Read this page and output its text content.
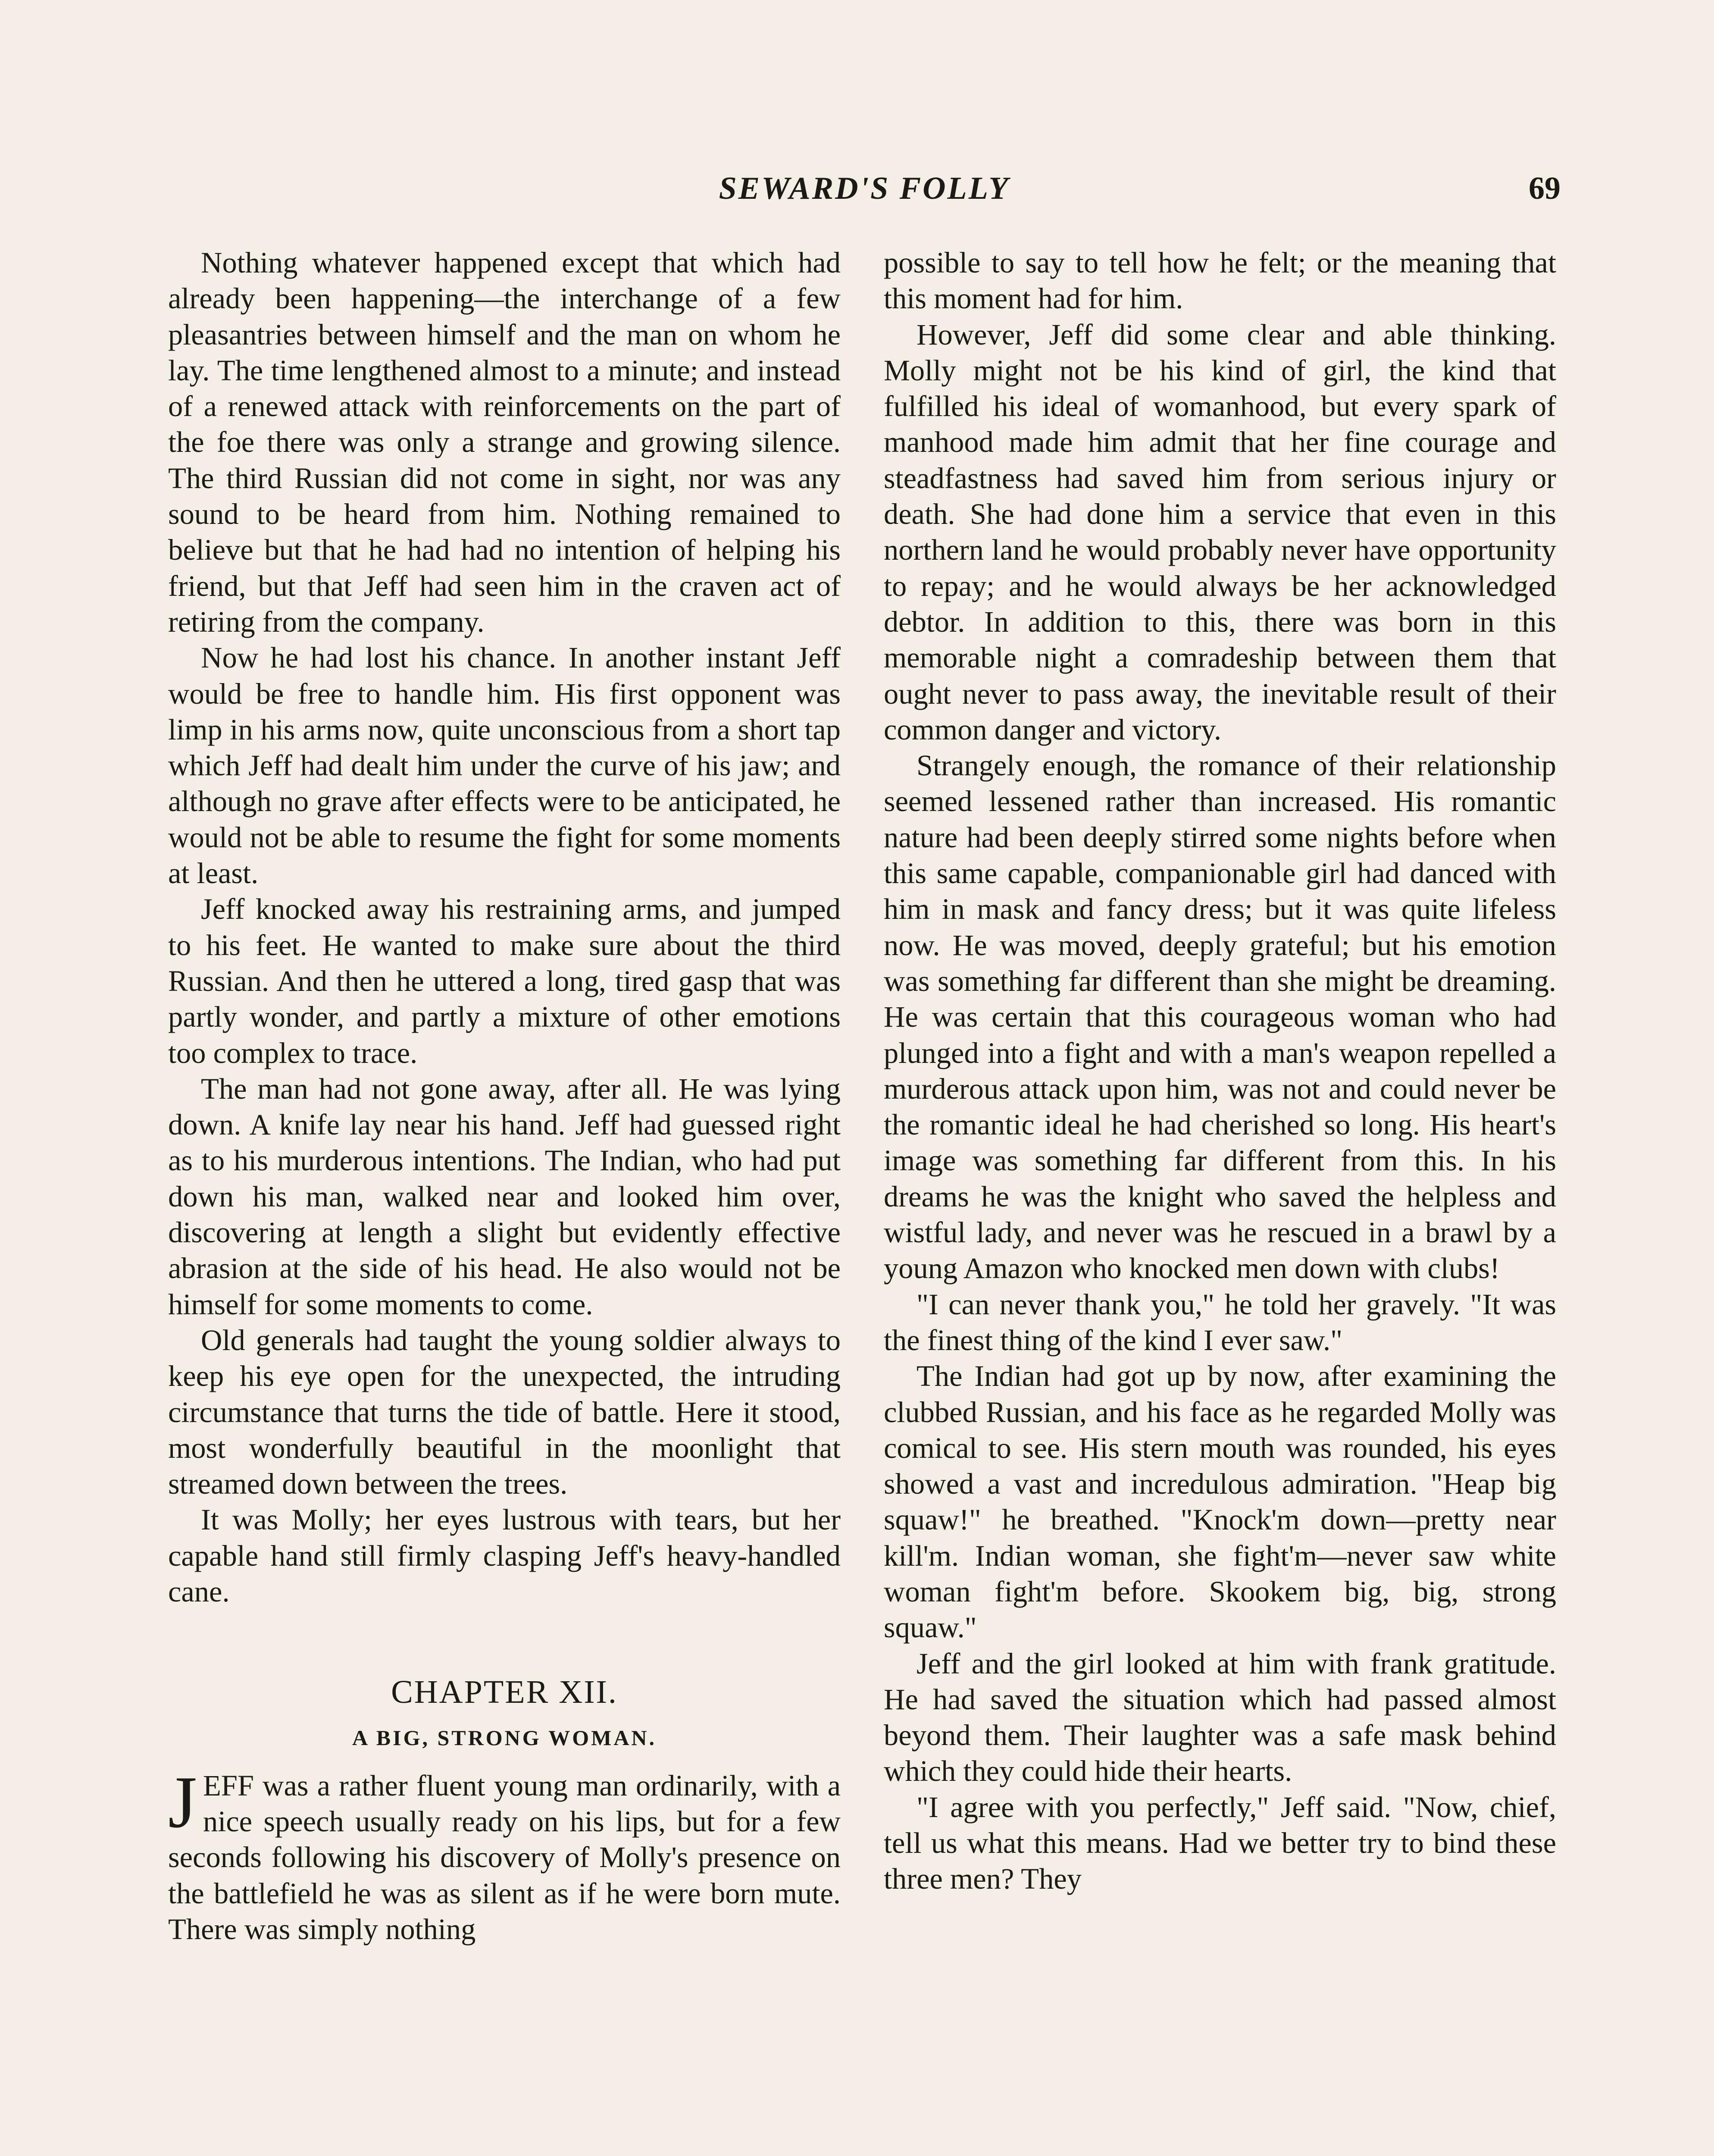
SEWARD'S FOLLY	69

Nothing whatever happened except that which had already been happening—the interchange of a few pleasantries between himself and the man on whom he lay. The time lengthened almost to a minute; and instead of a renewed attack with reinforcements on the part of the foe there was only a strange and growing silence. The third Russian did not come in sight, nor was any sound to be heard from him. Nothing remained to believe but that he had had no intention of helping his friend, but that Jeff had seen him in the craven act of retiring from the company.

Now he had lost his chance. In another instant Jeff would be free to handle him. His first opponent was limp in his arms now, quite unconscious from a short tap which Jeff had dealt him under the curve of his jaw; and although no grave after effects were to be anticipated, he would not be able to resume the fight for some moments at least.

Jeff knocked away his restraining arms, and jumped to his feet. He wanted to make sure about the third Russian. And then he uttered a long, tired gasp that was partly wonder, and partly a mixture of other emotions too complex to trace.

The man had not gone away, after all. He was lying down. A knife lay near his hand. Jeff had guessed right as to his murderous intentions. The Indian, who had put down his man, walked near and looked him over, discovering at length a slight but evidently effective abrasion at the side of his head. He also would not be himself for some moments to come.

Old generals had taught the young soldier always to keep his eye open for the unexpected, the intruding circumstance that turns the tide of battle. Here it stood, most wonderfully beautiful in the moonlight that streamed down between the trees.

It was Molly; her eyes lustrous with tears, but her capable hand still firmly clasping Jeff's heavy-handled cane.

CHAPTER XII.
A BIG, STRONG WOMAN.

JEFF was a rather fluent young man ordinarily, with a nice speech usually ready on his lips, but for a few seconds following his discovery of Molly's presence on the battlefield he was as silent as if he were born mute. There was simply nothing

possible to say to tell how he felt; or the meaning that this moment had for him.

However, Jeff did some clear and able thinking. Molly might not be his kind of girl, the kind that fulfilled his ideal of womanhood, but every spark of manhood made him admit that her fine courage and steadfastness had saved him from serious injury or death. She had done him a service that even in this northern land he would probably never have opportunity to repay; and he would always be her acknowledged debtor. In addition to this, there was born in this memorable night a comradeship between them that ought never to pass away, the inevitable result of their common danger and victory.

Strangely enough, the romance of their relationship seemed lessened rather than increased. His romantic nature had been deeply stirred some nights before when this same capable, companionable girl had danced with him in mask and fancy dress; but it was quite lifeless now. He was moved, deeply grateful; but his emotion was something far different than she might be dreaming. He was certain that this courageous woman who had plunged into a fight and with a man's weapon repelled a murderous attack upon him, was not and could never be the romantic ideal he had cherished so long. His heart's image was something far different from this. In his dreams he was the knight who saved the helpless and wistful lady, and never was he rescued in a brawl by a young Amazon who knocked men down with clubs!

"I can never thank you," he told her gravely. "It was the finest thing of the kind I ever saw."

The Indian had got up by now, after examining the clubbed Russian, and his face as he regarded Molly was comical to see. His stern mouth was rounded, his eyes showed a vast and incredulous admiration. "Heap big squaw!" he breathed. "Knock'm down—pretty near kill'm. Indian woman, she fight'm—never saw white woman fight'm before. Skookem big, big, strong squaw."

Jeff and the girl looked at him with frank gratitude. He had saved the situation which had passed almost beyond them. Their laughter was a safe mask behind which they could hide their hearts.

"I agree with you perfectly," Jeff said. "Now, chief, tell us what this means. Had we better try to bind these three men? They
